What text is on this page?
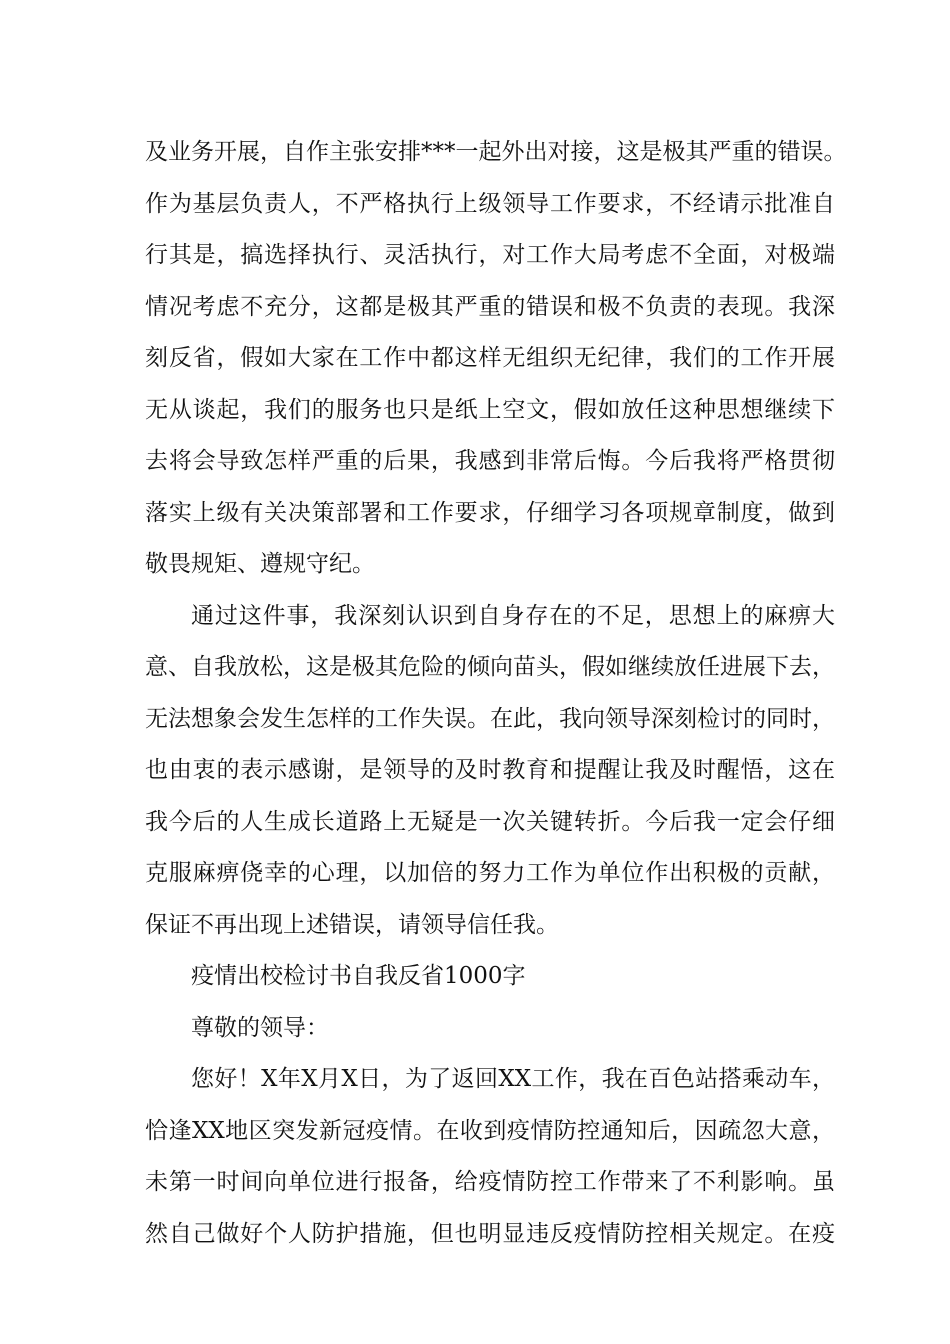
及业务开展，自作主张安排***一起外出对接，这是极其严重的错误。
作为基层负责人，不严格执行上级领导工作要求，不经请示批准自
行其是，搞选择执行、灵活执行，对工作大局考虑不全面，对极端
情况考虑不充分，这都是极其严重的错误和极不负责的表现。我深
刻反省，假如大家在工作中都这样无组织无纪律，我们的工作开展
无从谈起，我们的服务也只是纸上空文，假如放任这种思想继续下
去将会导致怎样严重的后果，我感到非常后悔。今后我将严格贯彻
落实上级有关决策部署和工作要求，仔细学习各项规章制度，做到
敬畏规矩、遵规守纪。
通过这件事，我深刻认识到自身存在的不足，思想上的麻痹大
意、自我放松，这是极其危险的倾向苗头，假如继续放任进展下去，
无法想象会发生怎样的工作失误。在此，我向领导深刻检讨的同时，
也由衷的表示感谢，是领导的及时教育和提醒让我及时醒悟，这在
我今后的人生成长道路上无疑是一次关键转折。今后我一定会仔细
克服麻痹侥幸的心理，以加倍的努力工作为单位作出积极的贡献，
保证不再出现上述错误，请领导信任我。
疫情出校检讨书自我反省1000字
尊敬的领导：
您好！X年X月X日，为了返回XX工作，我在百色站搭乘动车，
恰逢XX地区突发新冠疫情。在收到疫情防控通知后，因疏忽大意，
未第一时间向单位进行报备，给疫情防控工作带来了不利影响。虽
然自己做好个人防护措施，但也明显违反疫情防控相关规定。在疫
